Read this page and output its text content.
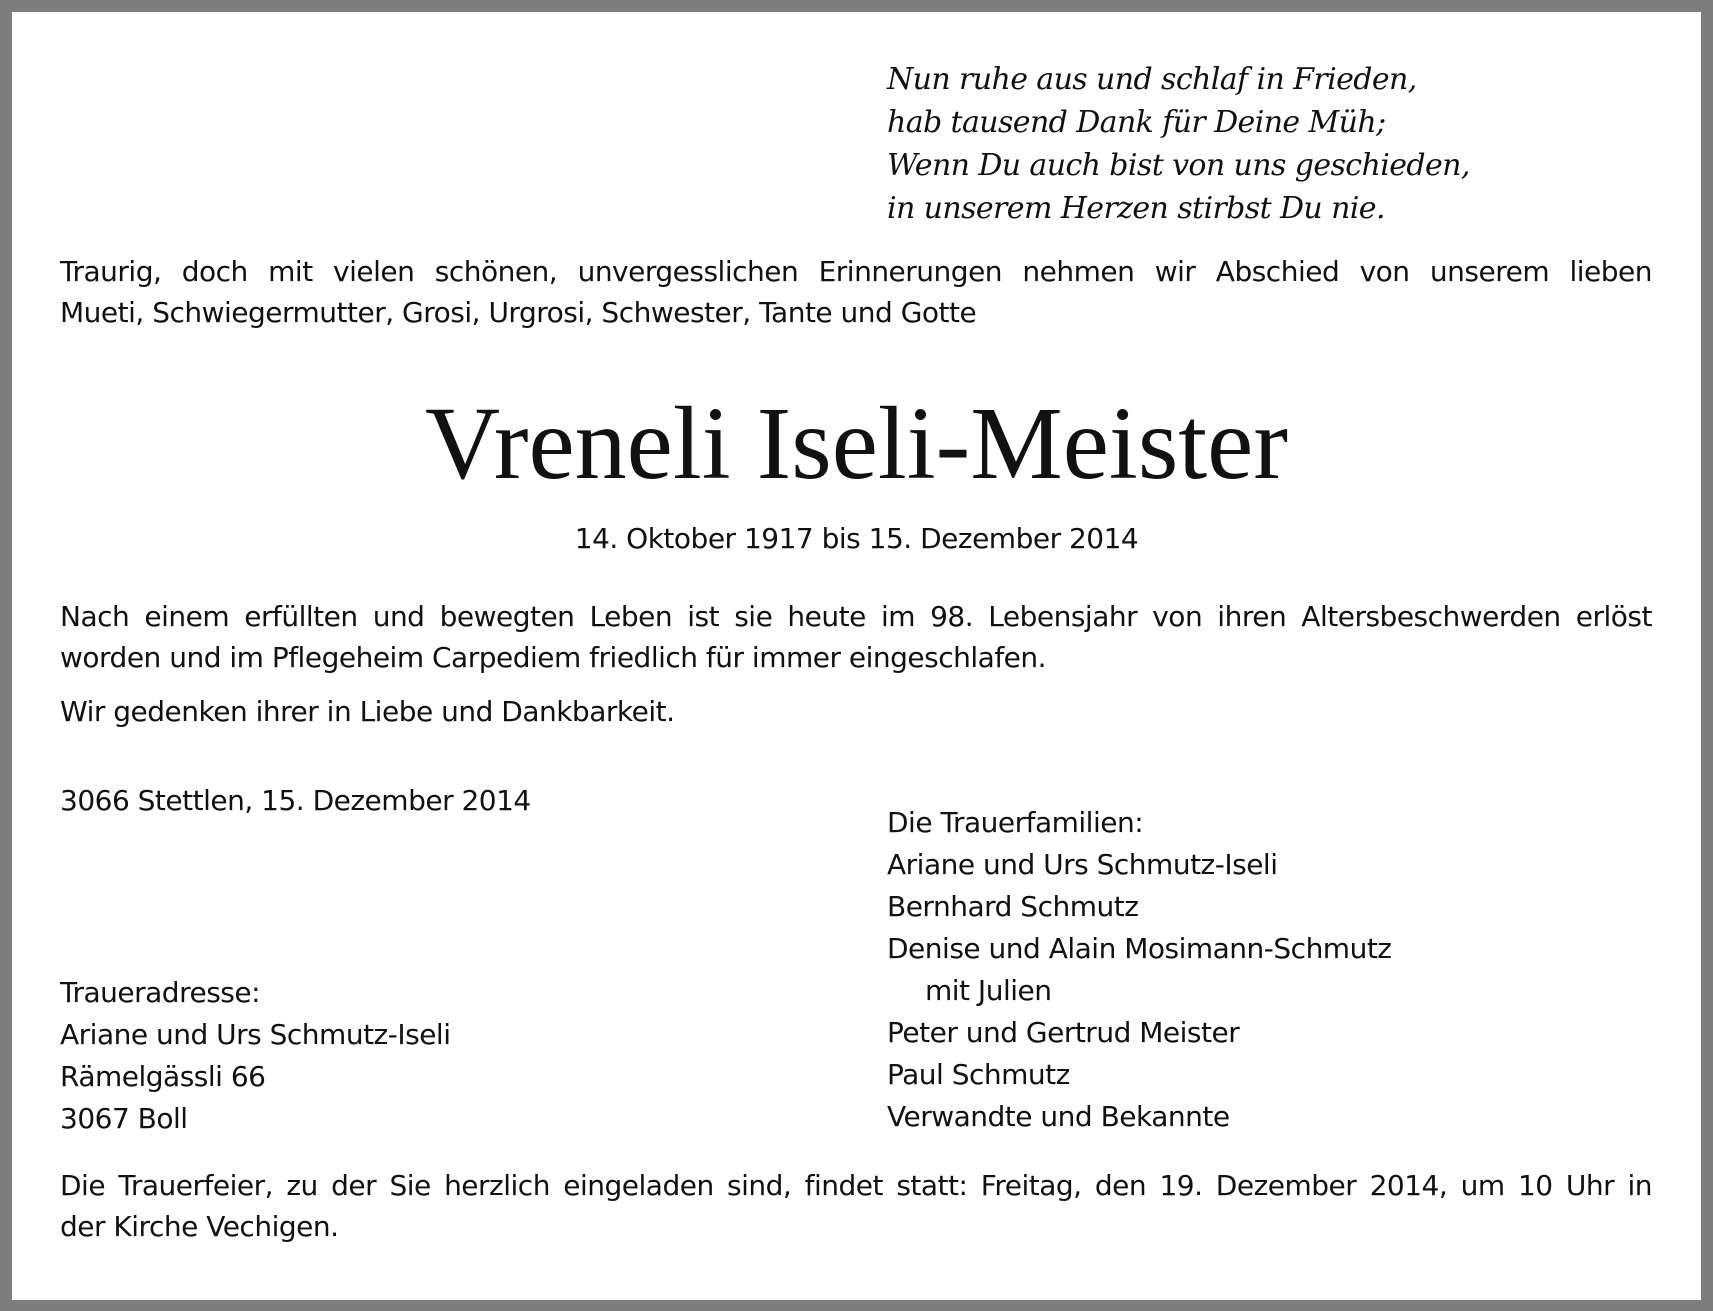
Nun ruhe aus und schlaf in Frieden,
hab tausend Dank für Deine Müh;
Wenn Du auch bist von uns geschieden,
in unserem Herzen stirbst Du nie.
Traurig, doch mit vielen schönen, unvergesslichen Erinnerungen nehmen wir Abschied von unserem lieben
Mueti, Schwiegermutter, Grosi, Urgrosi, Schwester, Tante und Gotte
Vreneli Iseli-Meister
14. Oktober 1917 bis 15. Dezember 2014
Nach einem erfüllten und bewegten Leben ist sie heute im 98. Lebensjahr von ihren Altersbeschwerden erlöst
worden und im Pflegeheim Carpediem friedlich für immer eingeschlafen.
Wir gedenken ihrer in Liebe und Dankbarkeit.
3066 Stettlen, 15. Dezember 2014
Traueradresse:
Ariane und Urs Schmutz-Iseli
Rämelgässli 66
3067 Boll
Die Trauerfamilien:
Ariane und Urs Schmutz-Iseli
Bernhard Schmutz
Denise und Alain Mosimann-Schmutz
mit Julien
Peter und Gertrud Meister
Paul Schmutz
Verwandte und Bekannte
Die Trauerfeier, zu der Sie herzlich eingeladen sind, findet statt: Freitag, den 19. Dezember 2014, um 10 Uhr in
der Kirche Vechigen.
